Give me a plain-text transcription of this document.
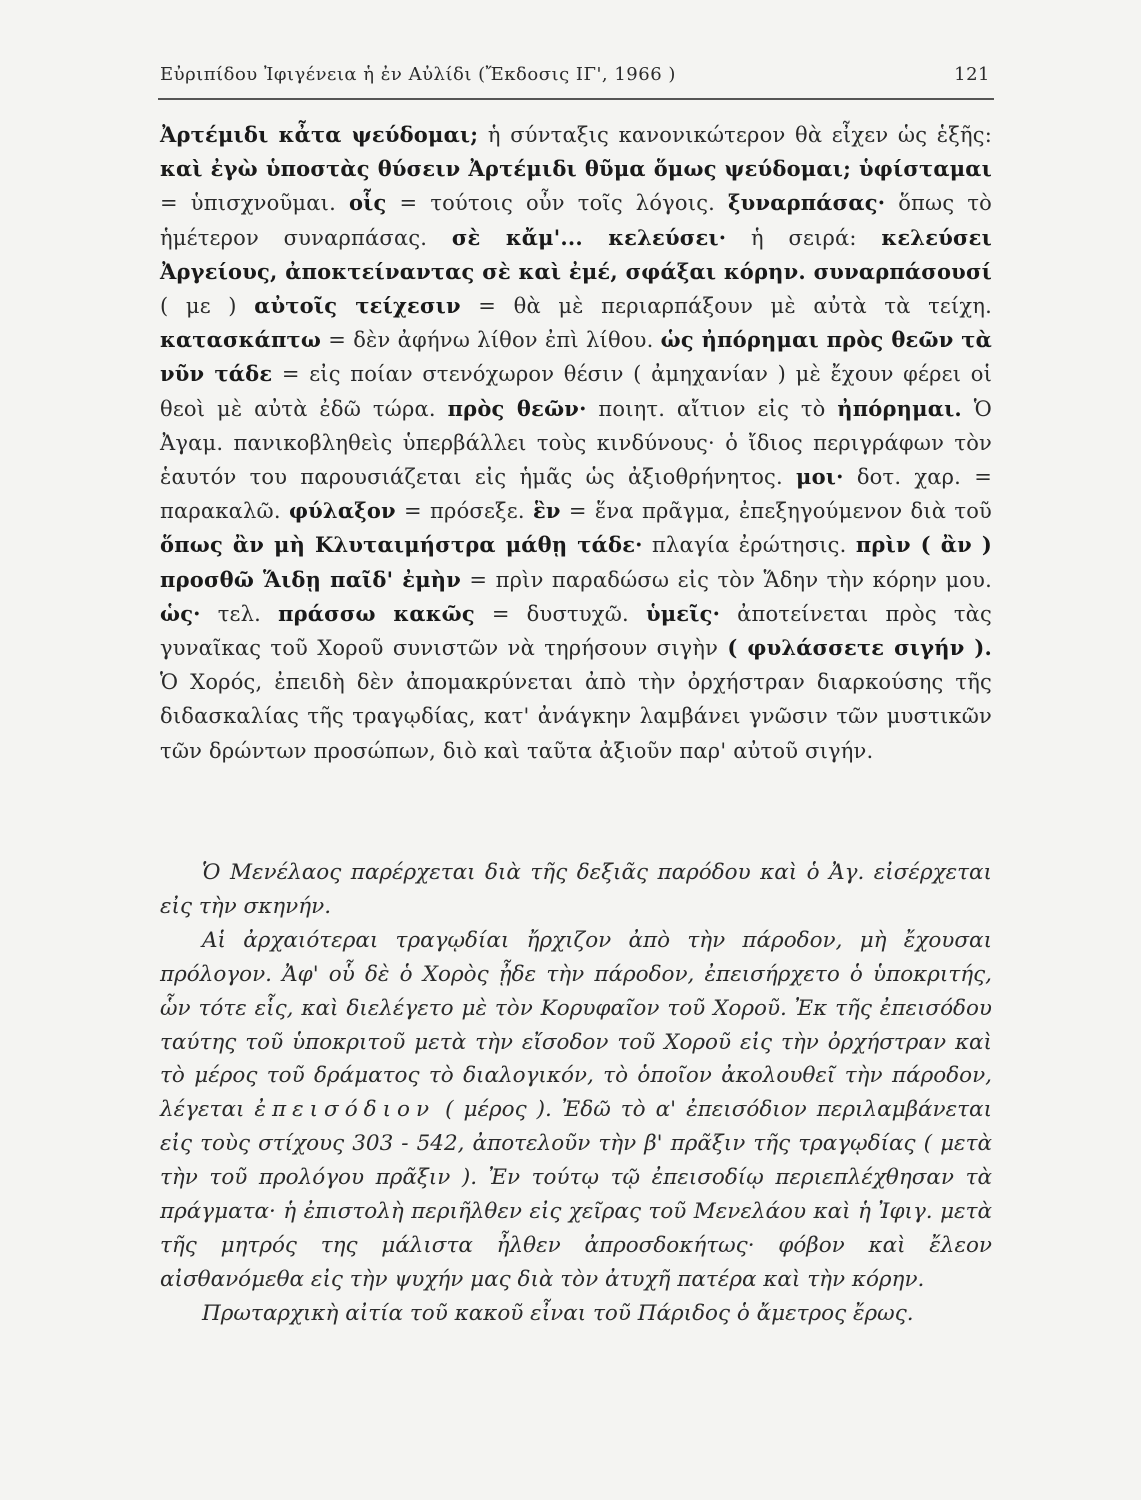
Εὐριπίδου Ἰφιγένεια ἡ ἐν Αὐλίδι (Ἔκδοσις ΙΓ', 1966 )	121
Ἀρτέμιδι κἆτα ψεύδομαι; ἡ σύνταξις κανονικώτερον θὰ εἶχεν ὡς ἑξῆς: καὶ ἐγὼ ὑποστὰς θύσειν Ἀρτέμιδι θῦμα ὅμως ψεύδομαι; ὑφίσταμαι = ὑπισχνοῦμαι. οἷς = τούτοις οὖν τοῖς λόγοις. ξυναρπάσας· ὅπως τὸ ἡμέτερον συναρπάσας. σὲ κἄμ'... κελεύσει· ἡ σειρά: κελεύσει Ἀργείους, ἀποκτείναντας σὲ καὶ ἐμέ, σφάξαι κόρην. συναρπάσουσί ( με ) αὐτοῖς τείχεσιν = θὰ μὲ περιαρπάξουν μὲ αὐτὰ τὰ τείχη. κατασκάπτω = δὲν ἀφήνω λίθον ἐπὶ λίθου. ὡς ἠπόρημαι πρὸς θεῶν τὰ νῦν τάδε = εἰς ποίαν στενόχωρον θέσιν ( ἀμηχανίαν ) μὲ ἔχουν φέρει οἱ θεοὶ μὲ αὐτὰ ἐδῶ τώρα. πρὸς θεῶν· ποιητ. αἴτιον εἰς τὸ ἠπόρημαι. Ὁ Ἀγαμ. πανικοβληθεὶς ὑπερβάλλει τοὺς κινδύνους· ὁ ἴδιος περιγράφων τὸν ἑαυτόν του παρουσιάζεται εἰς ἡμᾶς ὡς ἀξιοθρήνητος. μοι· δοτ. χαρ. = παρακαλῶ. φύλαξον = πρόσεξε. ἓν = ἕνα πρᾶγμα, ἐπεξηγούμενον διὰ τοῦ ὅπως ἂν μὴ Κλυταιμήστρα μάθῃ τάδε· πλαγία ἐρώτησις. πρὶν ( ἂν ) προσθῶ Ἅιδῃ παῖδ' ἐμὴν = πρὶν παραδώσω εἰς τὸν Ἅδην τὴν κόρην μου. ὡς· τελ. πράσσω κακῶς = δυστυχῶ. ὑμεῖς· ἀποτείνεται πρὸς τὰς γυναῖκας τοῦ Χοροῦ συνιστῶν νὰ τηρήσουν σιγὴν ( φυλάσσετε σιγήν ). Ὁ Χορός, ἐπειδὴ δὲν ἀπομακρύνεται ἀπὸ τὴν ὀρχήστραν διαρκούσης τῆς διδασκαλίας τῆς τραγῳδίας, κατ' ἀνάγκην λαμβάνει γνῶσιν τῶν μυστικῶν τῶν δρώντων προσώπων, διὸ καὶ ταῦτα ἀξιοῦν παρ' αὐτοῦ σιγήν.

Ὁ Μενέλαος παρέρχεται διὰ τῆς δεξιᾶς παρόδου καὶ ὁ Ἀγ. εἰσέρχεται εἰς τὴν σκηνήν.

Αἱ ἀρχαιότεραι τραγῳδίαι ἤρχιζον ἀπὸ τὴν πάροδον, μὴ ἔχουσαι πρόλογον. Ἀφ' οὗ δὲ ὁ Χορὸς ᾖδε τὴν πάροδον, ἐπεισήρχετο ὁ ὑποκριτής, ὧν τότε εἷς, καὶ διελέγετο μὲ τὸν Κορυφαῖον τοῦ Χοροῦ. Ἐκ τῆς ἐπεισόδου ταύτης τοῦ ὑποκριτοῦ μετὰ τὴν εἴσοδον τοῦ Χοροῦ εἰς τὴν ὀρχήστραν καὶ τὸ μέρος τοῦ δράματος τὸ διαλογικόν, τὸ ὁποῖον ἀκολουθεῖ τὴν πάροδον, λέγεται ἐπεισόδιον ( μέρος ). Ἐδῶ τὸ α' ἐπεισόδιον περιλαμβάνεται εἰς τοὺς στίχους 303 - 542, ἀποτελοῦν τὴν β' πρᾶξιν τῆς τραγῳδίας ( μετὰ τὴν τοῦ προλόγου πρᾶξιν ). Ἐν τούτῳ τῷ ἐπεισοδίῳ περιεπλέχθησαν τὰ πράγματα· ἡ ἐπιστολὴ περιῆλθεν εἰς χεῖρας τοῦ Μενελάου καὶ ἡ Ἰφιγ. μετὰ τῆς μητρός της μάλιστα ἦλθεν ἀπροσδοκήτως· φόβον καὶ ἔλεον αἰσθανόμεθα εἰς τὴν ψυχήν μας διὰ τὸν ἀτυχῆ πατέρα καὶ τὴν κόρην.

Πρωταρχικὴ αἰτία τοῦ κακοῦ εἶναι τοῦ Πάριδος ὁ ἄμετρος ἔρως.
